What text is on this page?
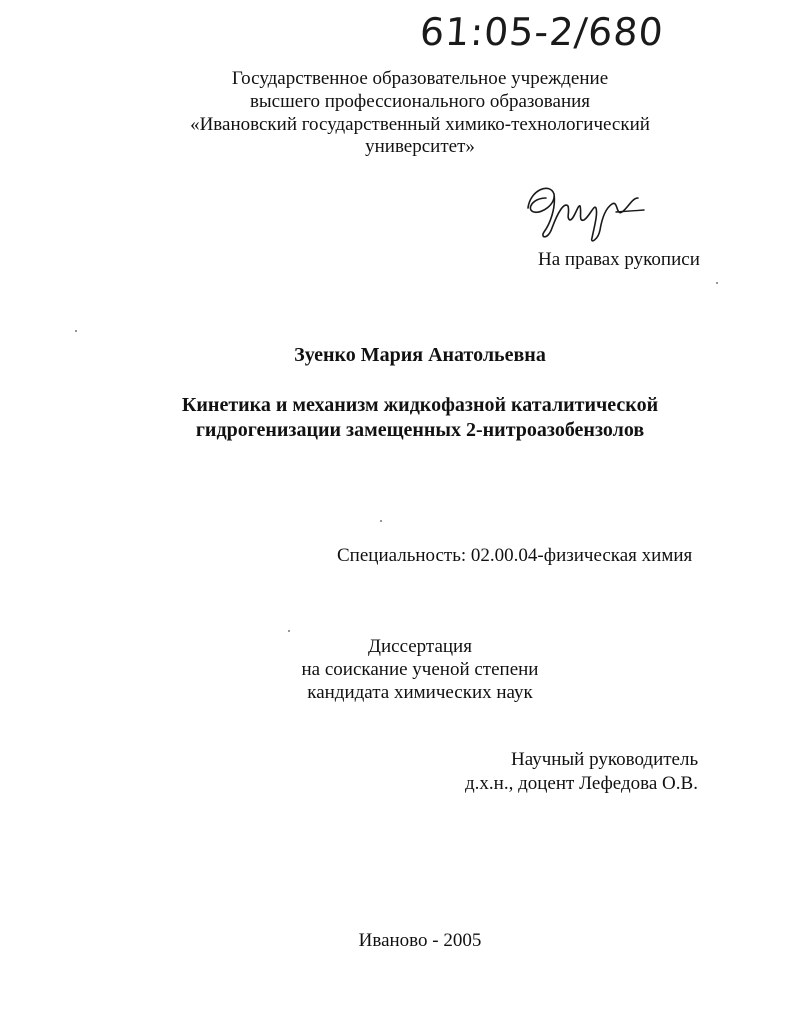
61:05-2/680
Государственное образовательное учреждение
высшего профессионального образования
«Ивановский государственный химико-технологический
университет»
На правах рукописи
Зуенко Мария Анатольевна
Кинетика и механизм жидкофазной каталитической
гидрогенизации замещенных 2-нитроазобензолов
Специальность: 02.00.04-физическая химия
Диссертация
на соискание ученой степени
кандидата химических наук
Научный руководитель
д.х.н., доцент Лефедова О.В.
Иваново - 2005
